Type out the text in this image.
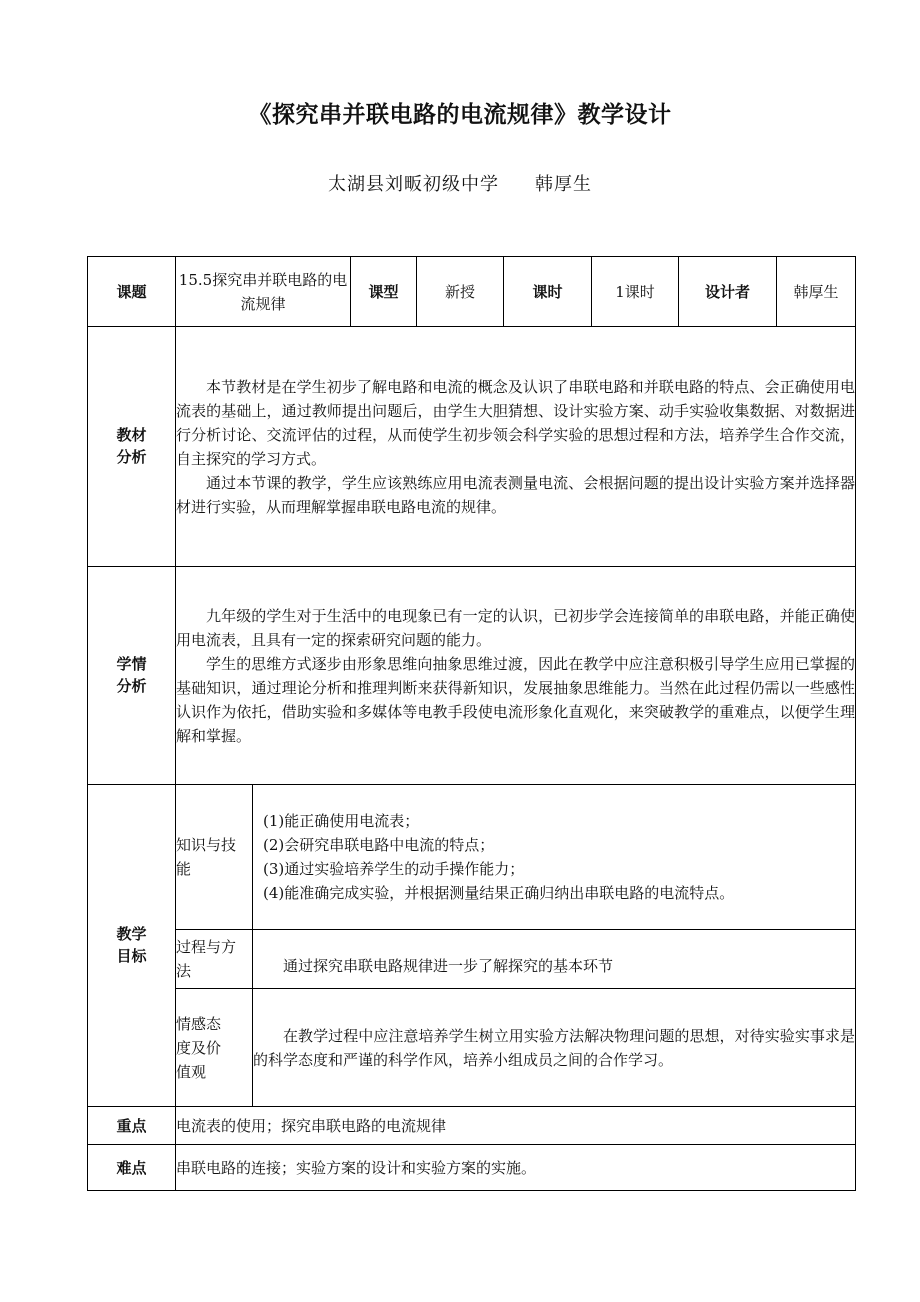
《探究串并联电路的电流规律》教学设计
太湖县刘畈初级中学 韩厚生
课题	15.5探究串并联电路的电流规律		课型	新授	课时	1课时	设计者	韩厚生
教材分析	本节教材是在学生初步了解电路和电流的概念及认识了串联电路和并联电路的特点、会正确使用电流表的基础上，通过教师提出问题后，由学生大胆猜想、设计实验方案、动手实验收集数据、对数据进行分析讨论、交流评估的过程，从而使学生初步领会科学实验的思想过程和方法，培养学生合作交流，自主探究的学习方式。

通过本节课的教学，学生应该熟练应用电流表测量电流、会根据问题的提出设计实验方案并选择器材进行实验，从而理解掌握串联电路电流的规律。							

学情分析	九年级的学生对于生活中的电现象已有一定的认识，已初步学会连接简单的串联电路，并能正确使用电流表，且具有一定的探索研究问题的能力。

学生的思维方式逐步由形象思维向抽象思维过渡，因此在教学中应注意积极引导学生应用已掌握的基础知识，通过理论分析和推理判断来获得新知识，发展抽象思维能力。当然在此过程仍需以一些感性认识作为依托，借助实验和多媒体等电教手段使电流形象化直观化，来突破教学的重难点，以便学生理解和掌握。							

教学目标	知识与技能	(1)能正确使用电流表；
(2)会研究串联电路中电流的特点；
(3)通过实验培养学生的动手操作能力；
(4)能准确完成实验，并根据测量结果正确归纳出串联电路的电流特点。						

	过程与方法	通过探究串联电路规律进一步了解探究的基本环节						

	情感态度及价值观	在教学过程中应注意培养学生树立用实验方法解决物理问题的思想，对待实验实事求是的科学态度和严谨的科学作风，培养小组成员之间的合作学习。						

重点	电流表的使用；探究串联电路的电流规律							
难点	串联电路的连接；实验方案的设计和实验方案的实施。							
